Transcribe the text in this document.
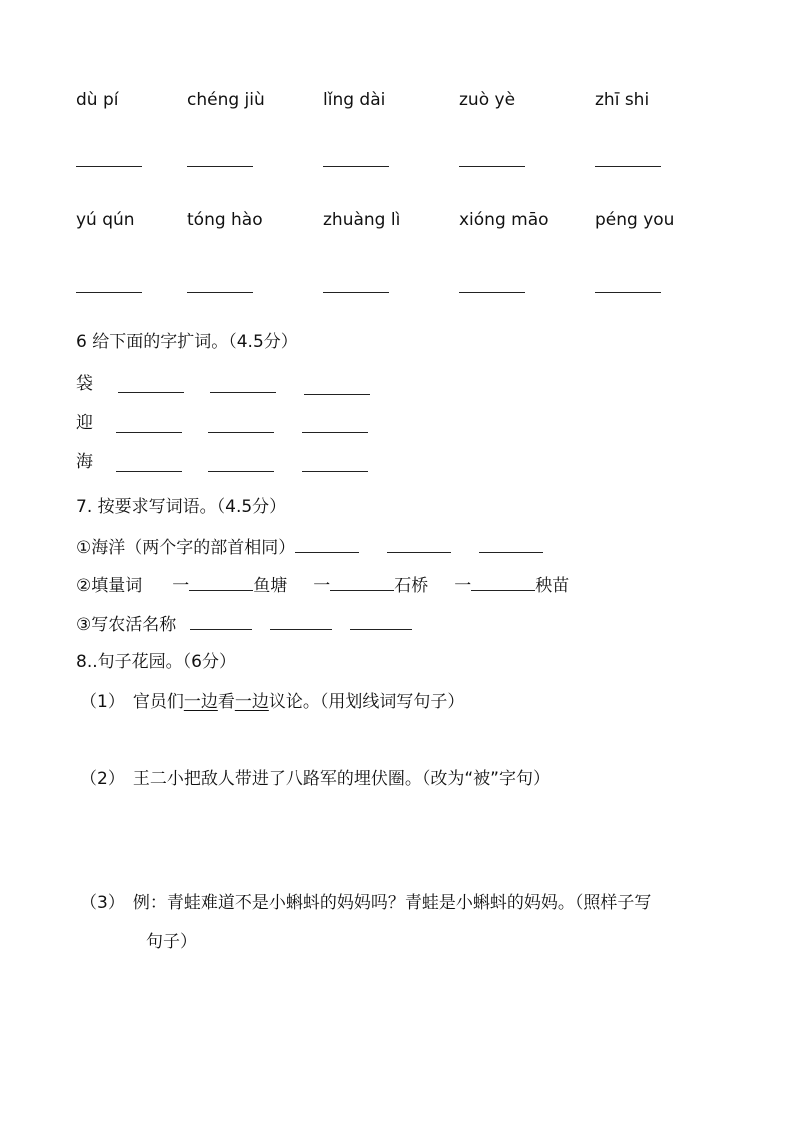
dù pí	chéng jiù	lǐng dài	zuò yè	zhī shi
yú qún	tóng hào	zhuàng lì	xióng māo	péng you
6 给下面的字扩词。（4.5分）
袋
迎
海
7. 按要求写词语。（4.5分）
①海洋（两个字的部首相同）
②填量词 一	鱼塘 一	石桥 一	秧苗
③写农活名称
8..句子花园。（6分）
（1） 官员们一边看一边议论。（用划线词写句子）
（2） 王二小把敌人带进了八路军的埋伏圈。（改为“被”字句）
（3） 例：青蛙难道不是小蝌蚪的妈妈吗？青蛙是小蝌蚪的妈妈。（照样子写
句子）
